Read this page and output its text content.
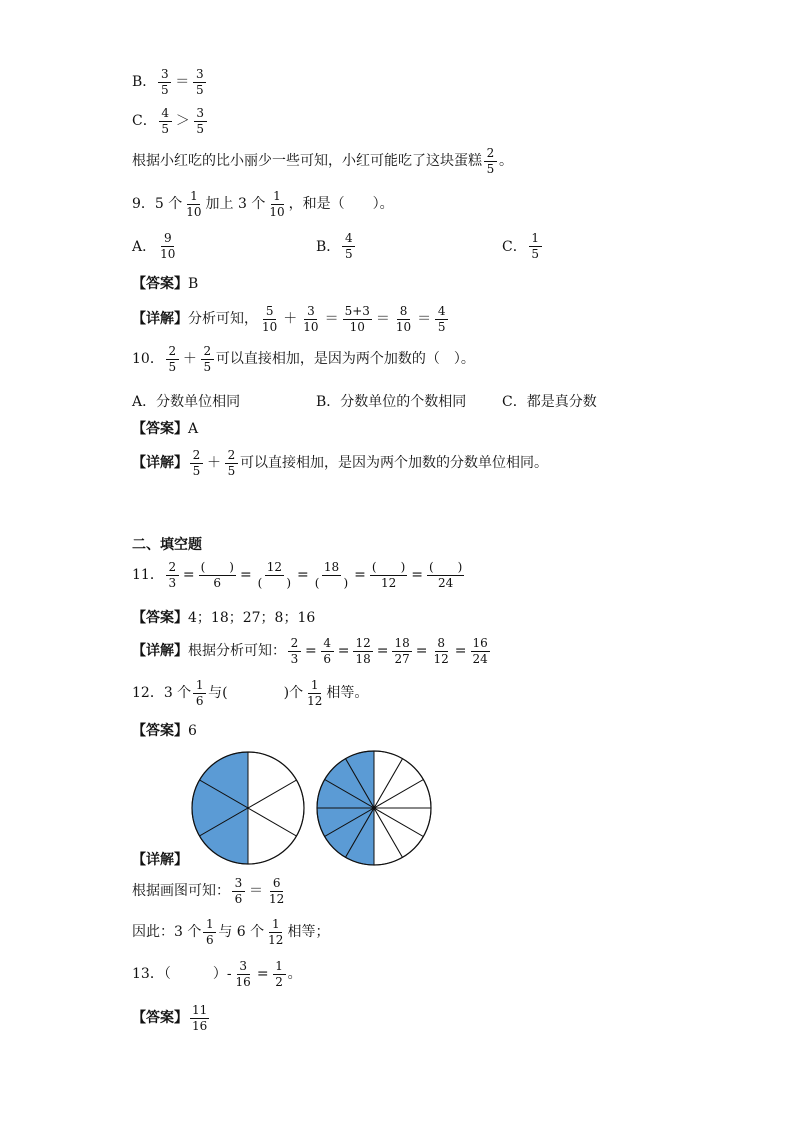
B．
3
5 ＝
3
5
C．
4
5 ＞
3
5
根据小红吃的比小丽少一些可知，小红可能吃了这块蛋糕
2
5 。
9．5 个
1
10 加上 3 个
1
10 ，和是（　　）。
A．
9
10	B．
4
5	C．
1
5
【答案】 B
【详解】 分析可知，
5
10 ＋
3
10 ＝
5+3
10 ＝
8
10 ＝
4
5
10．
2
5 ＋
2
5 可以直接相加，是因为两个加数的（　）。
A．分数单位相同	B．分数单位的个数相同	C．都是真分数
【答案】 A
【详解】
2
5 ＋
2
5 可以直接相加，是因为两个加数的分数单位相同。
二、填空题
11． $\frac{2}{3}$ =
(　　)
6 =
12
(　　) =
18
(　　) =
(　　)
12 =
(　　)
24
【答案】 4；18；27；8；16
【详解】 根据分析可知： $\frac{2}{3} = \frac{4}{6} = \frac{12}{18} = \frac{18}{27} = \frac{8}{12} = \frac{16}{24}$
12．3 个
1
6 与(　　　　)个
1
12 相等。
【答案】 6
【详解】
根据画图可知：
3
6 ＝
6
12
因此：3 个
1
6 与 6 个
1
12 相等；
13．（　　　）- $\frac{3}{16} = \frac{1}{2}$ 。
【答案】
11
16
